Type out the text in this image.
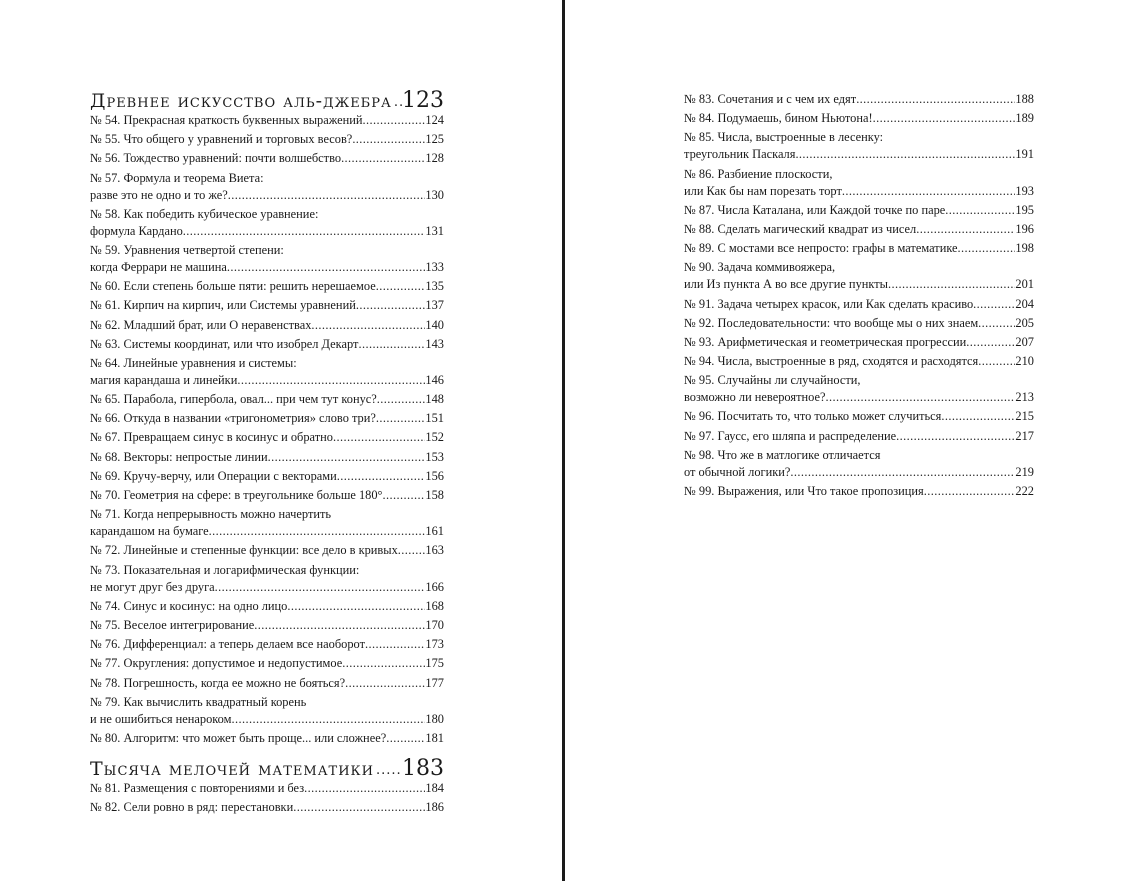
Древнее искусство аль-джебра ..... 123
№ 54. Прекрасная краткость буквенных выражений .....	124
№ 55. Что общего у уравнений и торговых весов? .....	125
№ 56. Тождество уравнений: почти волшебство .....	128
№ 57. Формула и теорема Виета:
разве это не одно и то же? .....	130
№ 58. Как победить кубическое уравнение:
формула Кардано .....	131
№ 59. Уравнения четвертой степени:
когда Феррари не машина .....	133
№ 60. Если степень больше пяти: решить нерешаемое .....	135
№ 61. Кирпич на кирпич, или Системы уравнений .....	137
№ 62. Младший брат, или О неравенствах .....	140
№ 63. Системы координат, или что изобрел Декарт .....	143
№ 64. Линейные уравнения и системы:
магия карандаша и линейки .....	146
№ 65. Парабола, гипербола, овал... при чем тут конус? .....	148
№ 66. Откуда в названии «тригонометрия» слово три? .....	151
№ 67. Превращаем синус в косинус и обратно .....	152
№ 68. Векторы: непростые линии .....	153
№ 69. Кручу-верчу, или Операции с векторами .....	156
№ 70. Геометрия на сфере: в треугольнике больше 180° .....	158
№ 71. Когда непрерывность можно начертить
карандашом на бумаге .....	161
№ 72. Линейные и степенные функции: все дело в кривых ..... 163
№ 73. Показательная и логарифмическая функции:
не могут друг без друга .....	166
№ 74. Синус и косинус: на одно лицо .....	168
№ 75. Веселое интегрирование .....	170
№ 76. Дифференциал: а теперь делаем все наоборот .....	173
№ 77. Округления: допустимое и недопустимое .....	175
№ 78. Погрешность, когда ее можно не бояться? .....	177
№ 79. Как вычислить квадратный корень
и не ошибиться ненароком .....	180
№ 80. Алгоритм: что может быть проще... или сложнее? .....	181
Тысяча мелочей математики ..... 183
№ 81. Размещения с повторениями и без .....	184
№ 82. Сели ровно в ряд: перестановки .....	186
№ 83. Сочетания и с чем их едят .....	188
№ 84. Подумаешь, бином Ньютона! .....	189
№ 85. Числа, выстроенные в лесенку:
треугольник Паскаля .....	191
№ 86. Разбиение плоскости,
или Как бы нам порезать торт .....	193
№ 87. Числа Каталана, или Каждой точке по паре .....	195
№ 88. Сделать магический квадрат из чисел .....	196
№ 89. С мостами все непросто: графы в математике .....	198
№ 90. Задача коммивояжера,
или Из пункта А во все другие пункты .....	201
№ 91. Задача четырех красок, или Как сделать красиво .....	204
№ 92. Последовательности: что вообще мы о них знаем .....	205
№ 93. Арифметическая и геометрическая прогрессии .....	207
№ 94. Числа, выстроенные в ряд, сходятся и расходятся .....	210
№ 95. Случайны ли случайности,
возможно ли невероятное? .....	213
№ 96. Посчитать то, что только может случиться .....	215
№ 97. Гаусс, его шляпа и распределение .....	217
№ 98. Что же в матлогике отличается
от обычной логики? .....	219
№ 99. Выражения, или Что такое пропозиция .....	222
